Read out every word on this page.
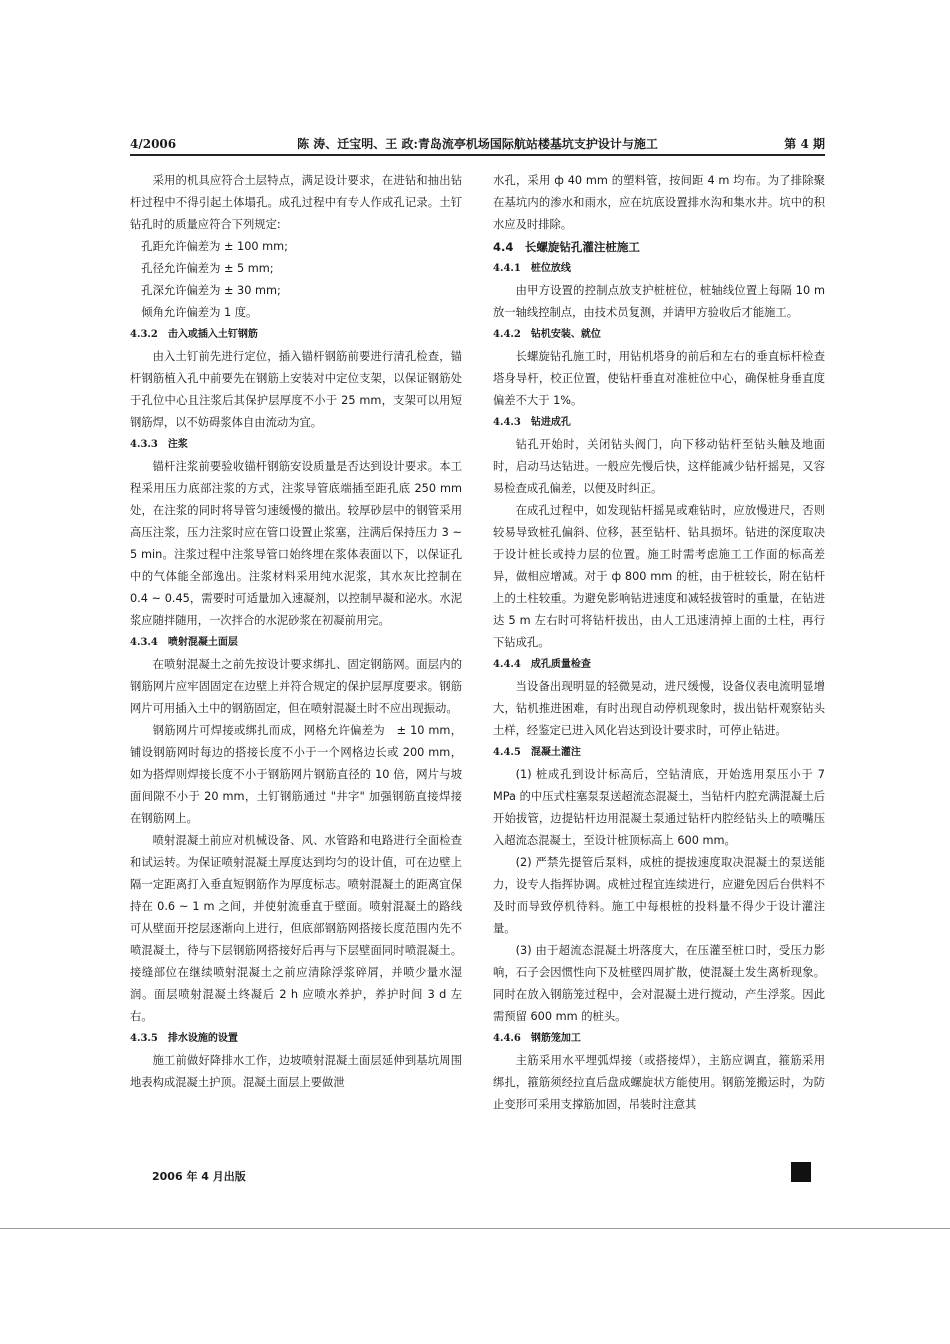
4/2006	陈 涛、迁宝明、王 政:青岛流亭机场国际航站楼基坑支护设计与施工	第 4 期

采用的机具应符合土层特点，满足设计要求，在进钻和抽出钻杆过程中不得引起土体塌孔。成孔过程中有专人作成孔记录。土钉钻孔时的质量应符合下列规定:

孔距允许偏差为 ± 100 mm;

孔径允许偏差为 ± 5 mm;

孔深允许偏差为 ± 30 mm;

倾角允许偏差为 1 度。

4.3.2　击入或插入土钉钢筋

由入土钉前先进行定位，插入锚杆钢筋前要进行清孔检查，锚杆钢筋植入孔中前要先在钢筋上安装对中定位支架，以保证钢筋处于孔位中心且注浆后其保护层厚度不小于 25 mm，支架可以用短钢筋焊，以不妨碍浆体自由流动为宜。

4.3.3　注浆

锚杆注浆前要验收锚杆钢筋安设质量是否达到设计要求。本工程采用压力底部注浆的方式，注浆导管底端插至距孔底 250 mm 处，在注浆的同时将导管匀速缓慢的撤出。较厚砂层中的钢管采用高压注浆，压力注浆时应在管口设置止浆塞，注满后保持压力 3 ~ 5 min。注浆过程中注浆导管口始终埋在浆体表面以下，以保证孔中的气体能全部逸出。注浆材料采用纯水泥浆，其水灰比控制在 0.4 ~ 0.45，需要时可适量加入速凝剂，以控制早凝和泌水。水泥浆应随拌随用，一次拌合的水泥砂浆在初凝前用完。

4.3.4　喷射混凝土面层

在喷射混凝土之前先按设计要求绑扎、固定钢筋网。面层内的钢筋网片应牢固固定在边壁上并符合规定的保护层厚度要求。钢筋网片可用插入土中的钢筋固定，但在喷射混凝土时不应出现振动。

钢筋网片可焊接或绑扎而成，网格允许偏差为　± 10 mm，铺设钢筋网时每边的搭接长度不小于一个网格边长或 200 mm，如为搭焊则焊接长度不小于钢筋网片钢筋直径的 10 倍，网片与坡面间隙不小于 20 mm，土钉钢筋通过 "井字" 加强钢筋直接焊接在钢筋网上。

喷射混凝土前应对机械设备、风、水管路和电路进行全面检查和试运转。为保证喷射混凝土厚度达到均匀的设计值，可在边壁上隔一定距离打入垂直短钢筋作为厚度标志。喷射混凝土的距离宜保持在 0.6 ~ 1 m 之间，并使射流垂直于壁面。喷射混凝土的路线可从壁面开挖层逐渐向上进行，但底部钢筋网搭接长度范围内先不喷混凝土，待与下层钢筋网搭接好后再与下层壁面同时喷混凝土。接缝部位在继续喷射混凝土之前应清除浮浆碎屑，并喷少量水湿润。面层喷射混凝土终凝后 2 h 应喷水养护，养护时间 3 d 左右。

4.3.5　排水设施的设置

施工前做好降排水工作，边坡喷射混凝土面层延伸到基坑周围地表构成混凝土护顶。混凝土面层上要做泄

水孔，采用 ф 40 mm 的塑料管，按间距 4 m 均布。为了排除聚在基坑内的渗水和雨水，应在坑底设置排水沟和集水井。坑中的积水应及时排除。

4.4　长螺旋钻孔灌注桩施工

4.4.1　桩位放线

由甲方设置的控制点放支护桩桩位，桩轴线位置上每隔 10 m 放一轴线控制点，由技术员复测，并请甲方验收后才能施工。

4.4.2　钻机安装、就位

长螺旋钻孔施工时，用钻机塔身的前后和左右的垂直标杆检查塔身导杆，校正位置，使钻杆垂直对准桩位中心，确保桩身垂直度偏差不大于 1%。

4.4.3　钻进成孔

钻孔开始时，关闭钻头阀门，向下移动钻杆至钻头触及地面时，启动马达钻进。一般应先慢后快，这样能减少钻杆摇晃，又容易检查成孔偏差，以便及时纠正。

在成孔过程中，如发现钻杆摇晃或难钻时，应放慢进尺，否则较易导致桩孔偏斜、位移，甚至钻杆、钻具损坏。钻进的深度取决于设计桩长或持力层的位置。施工时需考虑施工工作面的标高差异，做相应增减。对于 ф 800 mm 的桩，由于桩较长，附在钻杆上的土柱较重。为避免影响钻进速度和减轻拔管时的重量，在钻进达 5 m 左右时可将钻杆拔出，由人工迅速清掉上面的土柱，再行下钻成孔。

4.4.4　成孔质量检查

当设备出现明显的轻微晃动，进尺缓慢，设备仪表电流明显增大，钻机推进困难，有时出现自动停机现象时，拔出钻杆观察钻头土样，经鉴定已进入风化岩达到设计要求时，可停止钻进。

4.4.5　混凝土灌注

(1) 桩成孔到设计标高后，空钻清底，开始选用泵压小于 7 MPa 的中压式柱塞泵泵送超流态混凝土，当钻杆内腔充满混凝土后开始拔管，边提钻杆边用混凝土泵通过钻杆内腔经钻头上的喷嘴压入超流态混凝土，至设计桩顶标高上 600 mm。

(2) 严禁先提管后泵料，成桩的提拔速度取决混凝土的泵送能力，设专人指挥协调。成桩过程宜连续进行，应避免因后台供料不及时而导致停机待料。施工中每根桩的投料量不得少于设计灌注量。

(3) 由于超流态混凝土坍落度大，在压灌至桩口时，受压力影响，石子会因惯性向下及桩壁四周扩散，使混凝土发生离析现象。同时在放入钢筋笼过程中，会对混凝土进行搅动，产生浮浆。因此需预留 600 mm 的桩头。

4.4.6　钢筋笼加工

主筋采用水平埋弧焊接（或搭接焊），主筋应调直，箍筋采用绑扎，箍筋须经拉直后盘成螺旋状方能使用。钢筋笼搬运时，为防止变形可采用支撑筋加固，吊装时注意其

2006 年 4 月出版
